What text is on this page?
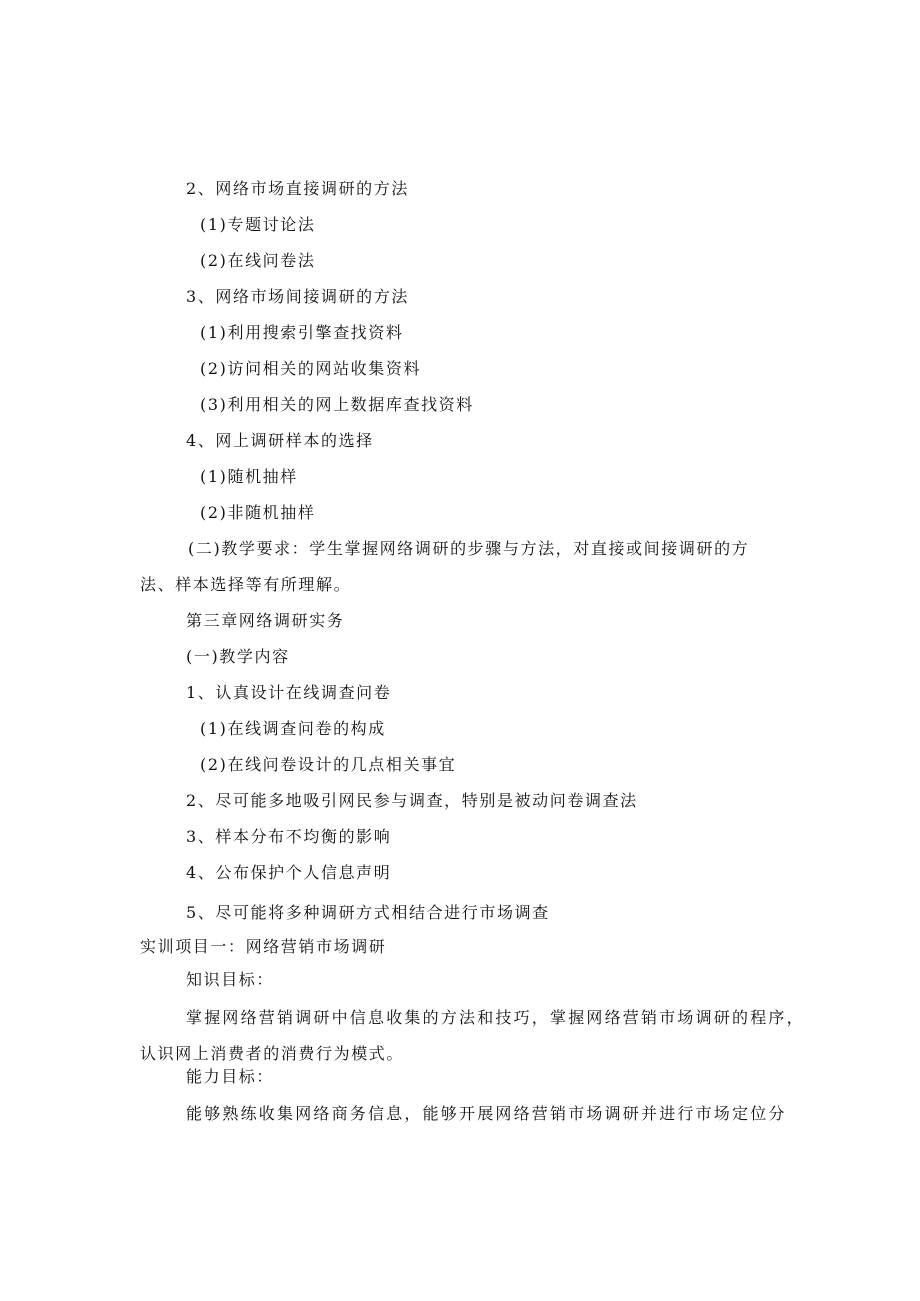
2、网络市场直接调研的方法
(1)专题讨论法
(2)在线问卷法
3、网络市场间接调研的方法
(1)利用搜索引擎查找资料
(2)访问相关的网站收集资料
(3)利用相关的网上数据库查找资料
4、网上调研样本的选择
(1)随机抽样
(2)非随机抽样
(二)教学要求：学生掌握网络调研的步骤与方法，对直接或间接调研的方
法、样本选择等有所理解。
第三章网络调研实务
(一)教学内容
1、认真设计在线调查问卷
(1)在线调查问卷的构成
(2)在线问卷设计的几点相关事宜
2、尽可能多地吸引网民参与调查，特别是被动问卷调查法
3、样本分布不均衡的影响
4、公布保护个人信息声明
5、尽可能将多种调研方式相结合进行市场调查
实训项目一：网络营销市场调研
知识目标：
掌握网络营销调研中信息收集的方法和技巧，掌握网络营销市场调研的程序，
认识网上消费者的消费行为模式。
能力目标：
能够熟练收集网络商务信息，能够开展网络营销市场调研并进行市场定位分
